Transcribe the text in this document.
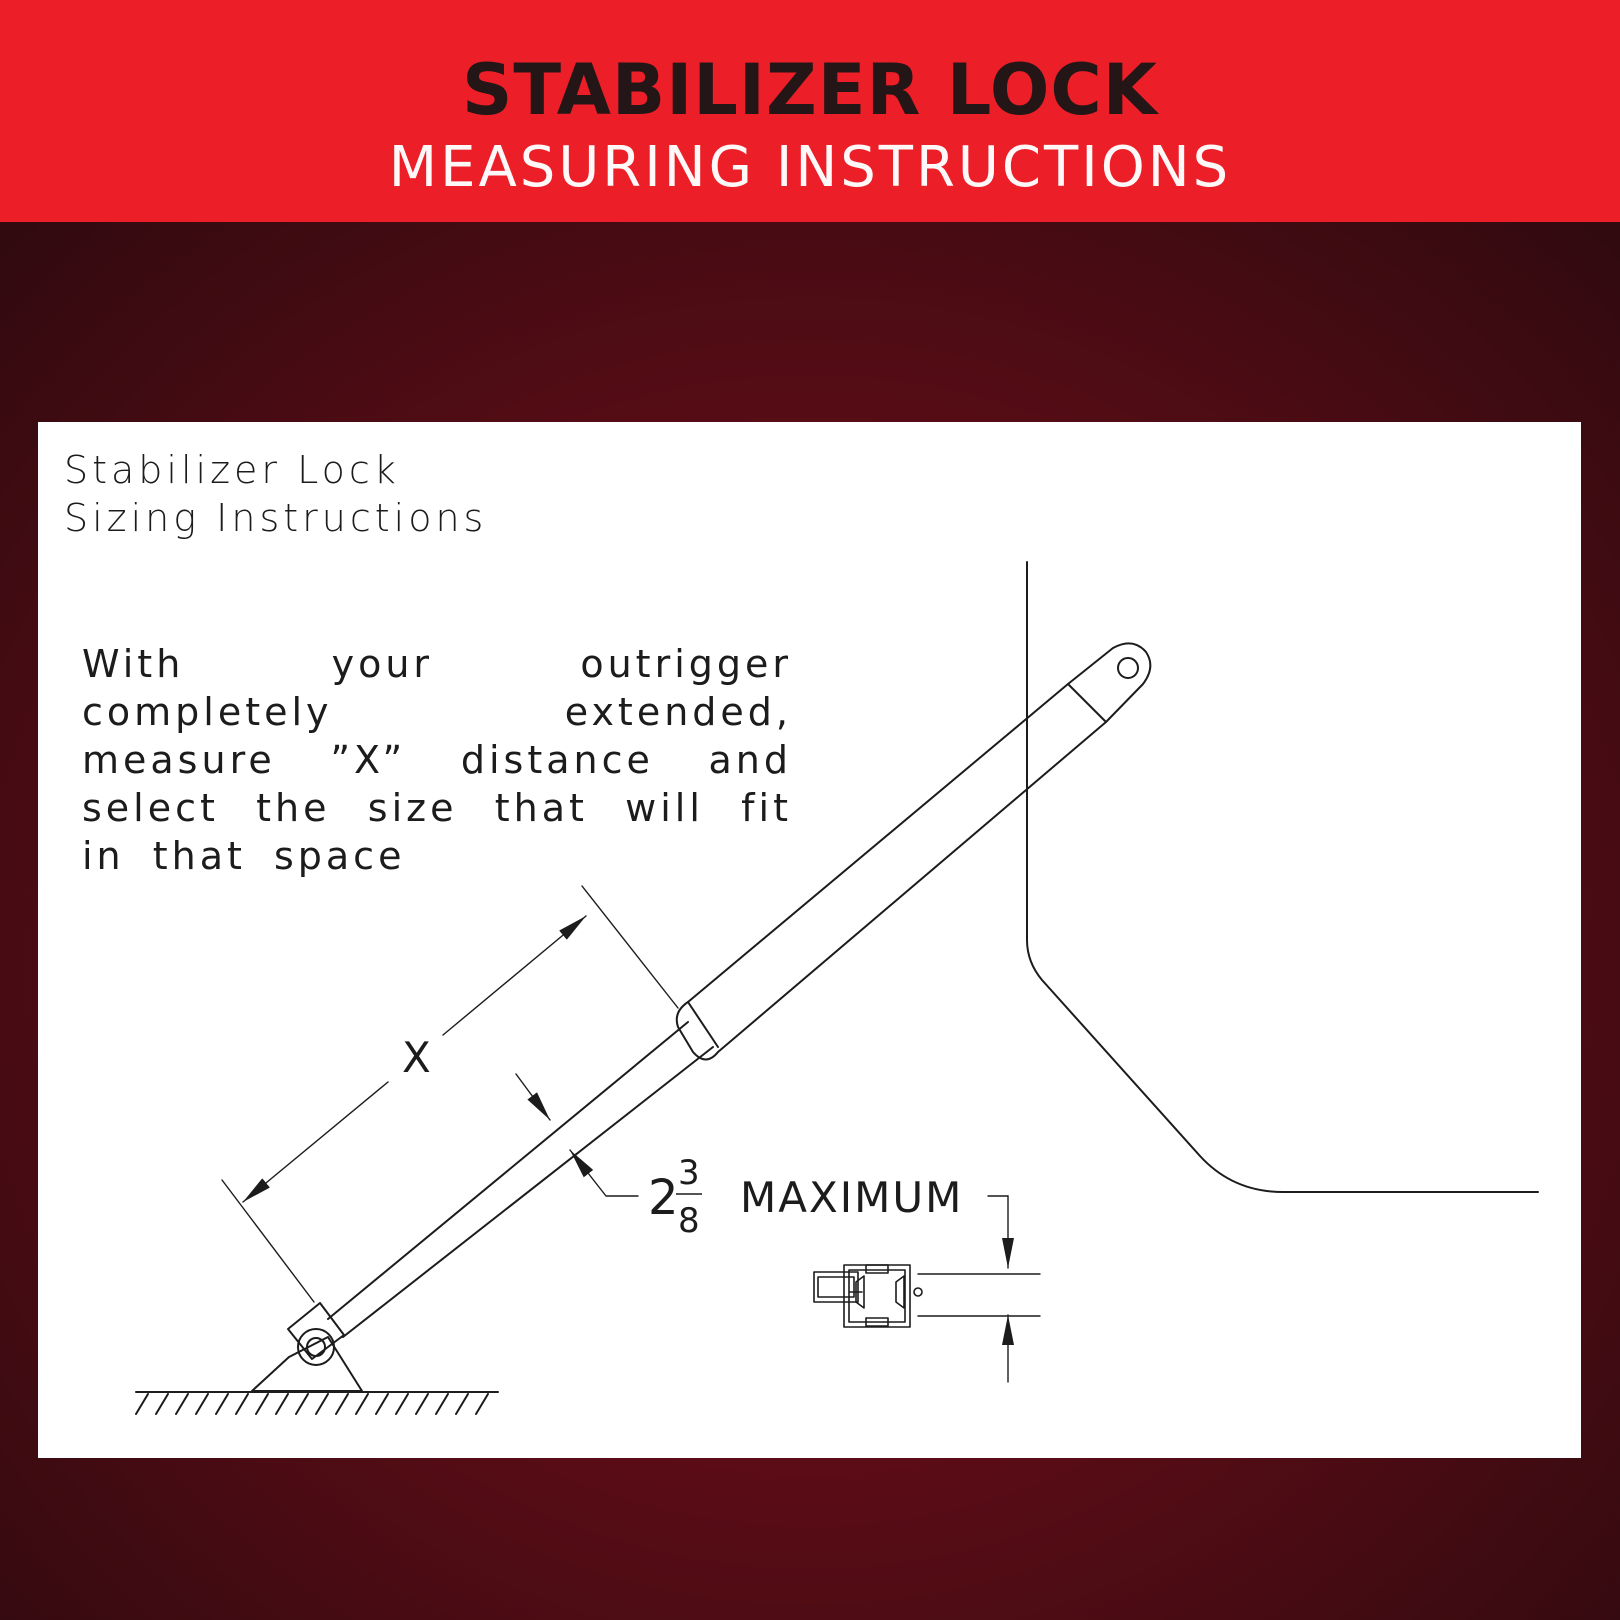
STABILIZER LOCK
MEASURING INSTRUCTIONS
X
2 3
8 MAXIMUM
Stabilizer Lock
Sizing Instructions
With your outrigger completely extended, measure ”X” distance and select the size that will fit in that space
